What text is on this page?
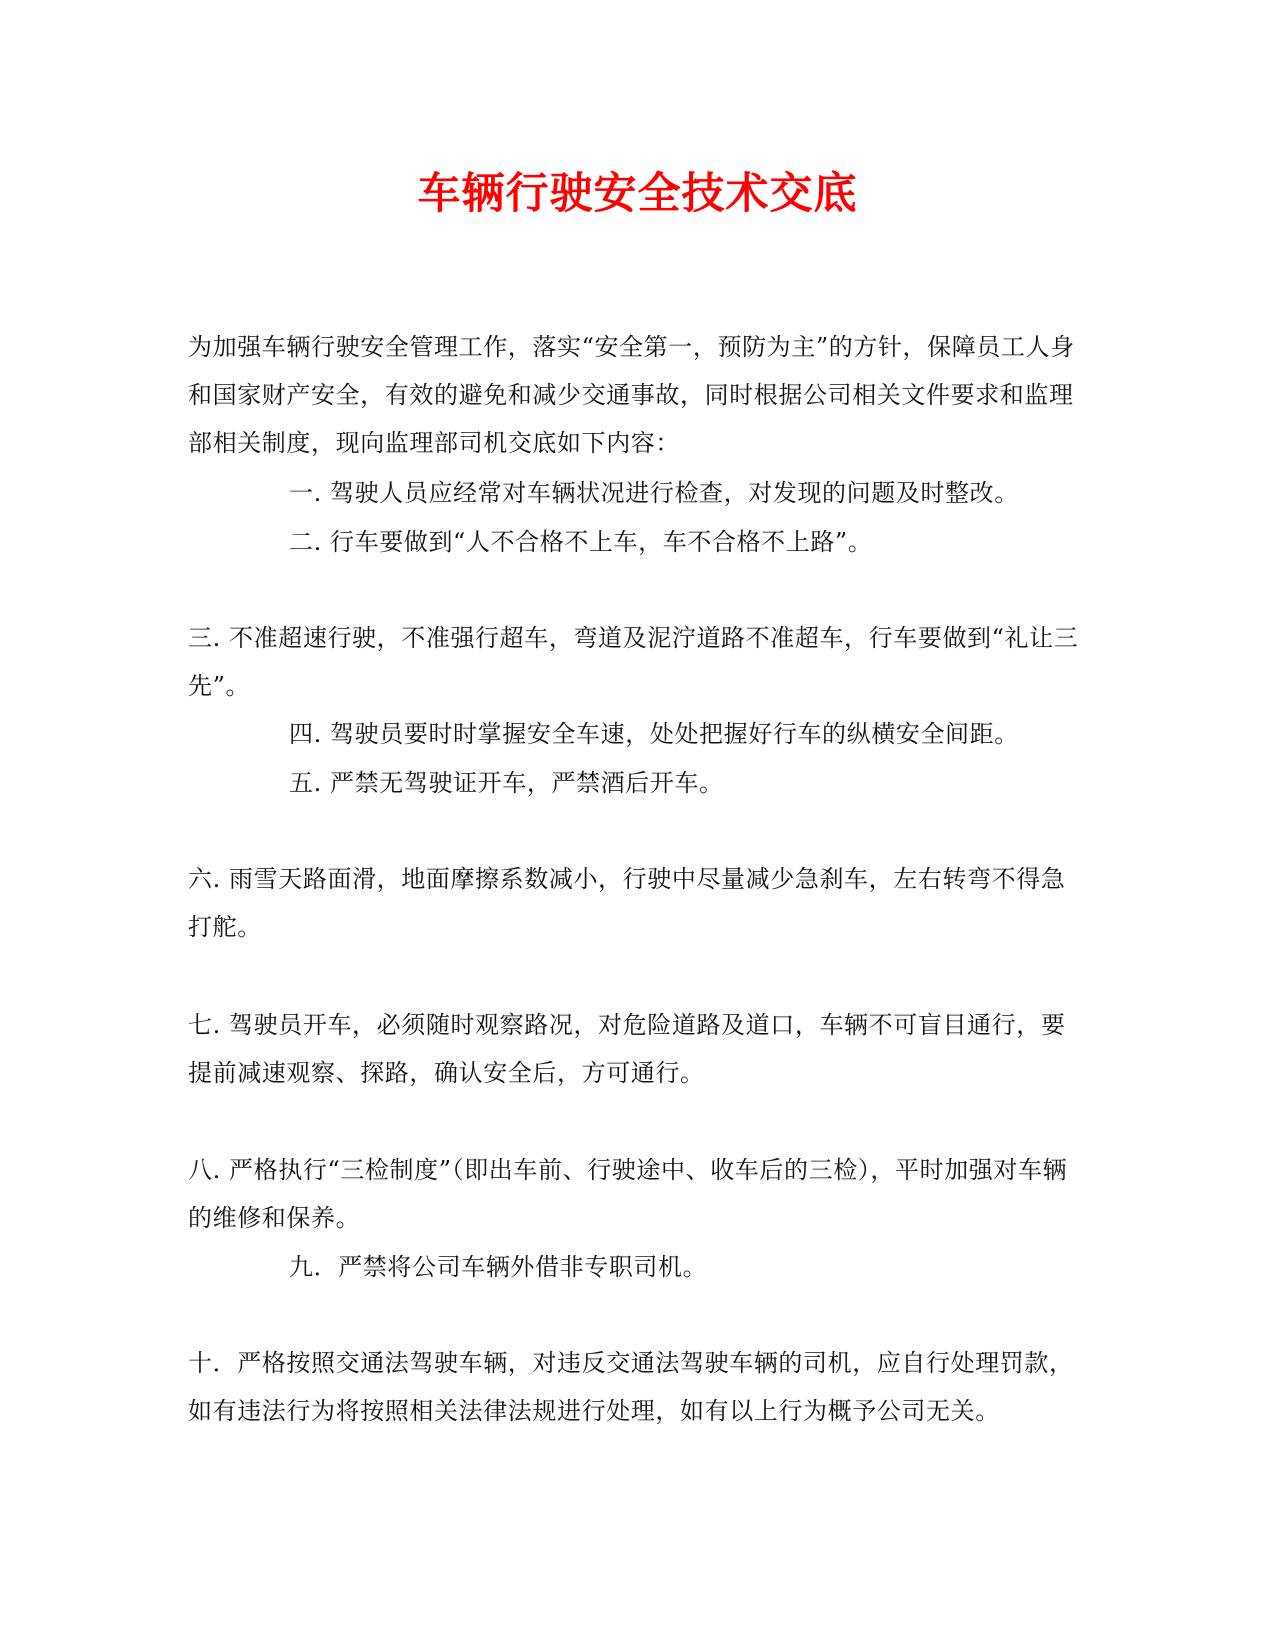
车辆行驶安全技术交底

为加强车辆行驶安全管理工作，落实“安全第一，预防为主”的方针，保障员工人身和国家财产安全，有效的避免和减少交通事故，同时根据公司相关文件要求和监理部相关制度，现向监理部司机交底如下内容：

一. 驾驶人员应经常对车辆状况进行检查，对发现的问题及时整改。

二. 行车要做到“人不合格不上车，车不合格不上路”。

三. 不准超速行驶，不准强行超车，弯道及泥泞道路不准超车，行车要做到“礼让三先”。

四. 驾驶员要时时掌握安全车速，处处把握好行车的纵横安全间距。

五. 严禁无驾驶证开车，严禁酒后开车。

六. 雨雪天路面滑，地面摩擦系数减小，行驶中尽量减少急刹车，左右转弯不得急打舵。

七. 驾驶员开车，必须随时观察路况，对危险道路及道口，车辆不可盲目通行，要提前减速观察、探路，确认安全后，方可通行。

八. 严格执行“三检制度”（即出车前、行驶途中、收车后的三检），平时加强对车辆的维修和保养。

九．严禁将公司车辆外借非专职司机。

十．严格按照交通法驾驶车辆，对违反交通法驾驶车辆的司机，应自行处理罚款，如有违法行为将按照相关法律法规进行处理，如有以上行为概予公司无关。
